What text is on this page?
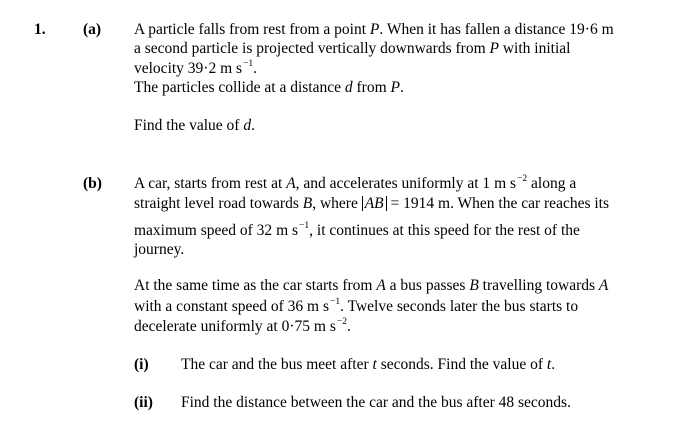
1. (a) A particle falls from rest from a point P. When it has fallen a distance 19·6 m
a second particle is projected vertically downwards from P with initial
velocity 39·2 m $s^{-1}$.
The particles collide at a distance d from P.
Find the value of d.
(b) A car, starts from rest at A, and accelerates uniformly at 1 m $s^{-2}$ along a
straight level road towards B, where AB = 1914 m. When the car reaches its
maximum speed of 32 m $s^{-1}$, it continues at this speed for the rest of the
journey.
At the same time as the car starts from A a bus passes B travelling towards A
with a constant speed of 36 m $s^{-1}$. Twelve seconds later the bus starts to
decelerate uniformly at 0·75 m $s^{-2}$.
(i) The car and the bus meet after t seconds. Find the value of t.
(ii) Find the distance between the car and the bus after 48 seconds.
